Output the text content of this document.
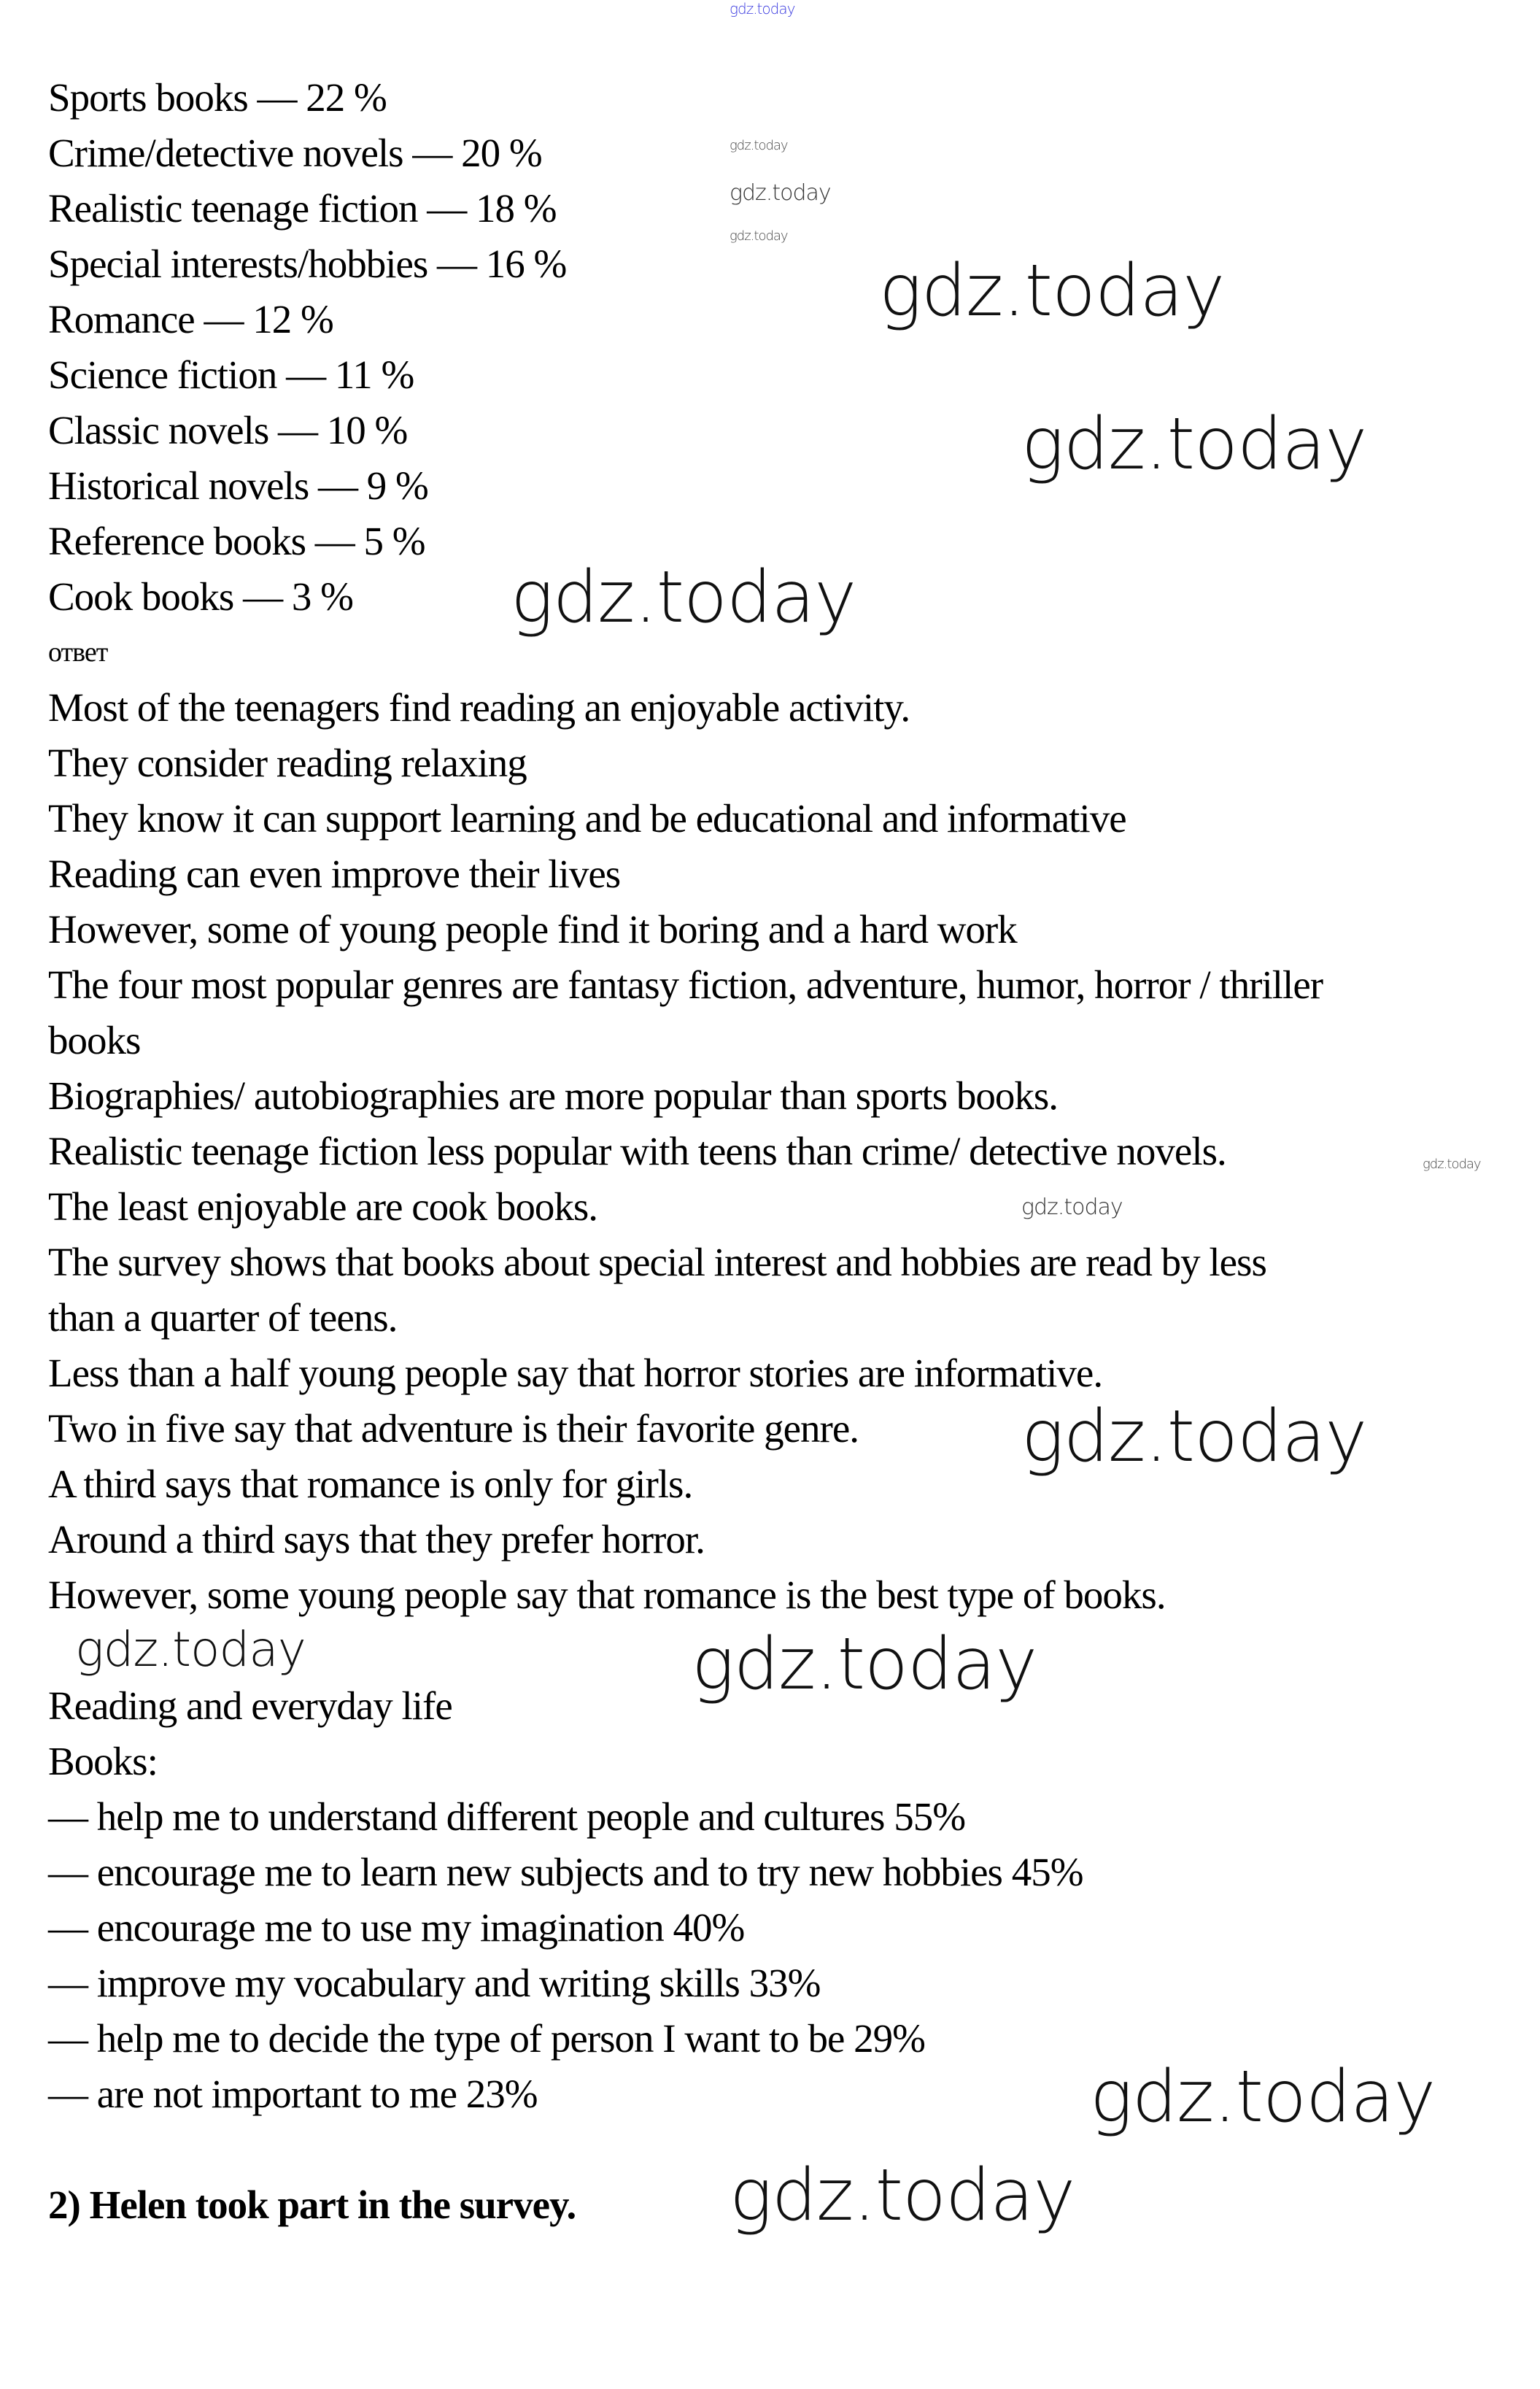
Sports books — 22 %
Crime/detective novels — 20 %
Realistic teenage fiction — 18 %
Special interests/hobbies — 16 %
Romance — 12 %
Science fiction — 11 %
Classic novels — 10 %
Historical novels — 9 %
Reference books — 5 %
Cook books — 3 %
ответ
Most of the teenagers find reading an enjoyable activity.
They consider reading relaxing
They know it can support learning and be educational and informative
Reading can even improve their lives
However, some of young people find it boring and a hard work
The four most popular genres are fantasy fiction, adventure, humor, horror / thriller
books
Biographies/ autobiographies are more popular than sports books.
Realistic teenage fiction less popular with teens than crime/ detective novels.
The least enjoyable are cook books.
The survey shows that books about special interest and hobbies are read by less
than a quarter of teens.
Less than a half young people say that horror stories are informative.
Two in five say that adventure is their favorite genre.
A third says that romance is only for girls.
Around a third says that they prefer horror.
However, some young people say that romance is the best type of books.
Reading and everyday life
Books:
— help me to understand different people and cultures 55%
— encourage me to learn new subjects and to try new hobbies 45%
— encourage me to use my imagination 40%
— improve my vocabulary and writing skills 33%
— help me to decide the type of person I want to be 29%
— are not important to me 23%
2) Helen took part in the survey.
gdz.today
gdz.today
gdz.today
gdz.today
gdz.today
gdz.today
gdz.today
gdz.today
gdz.today
gdz.today
gdz.today
gdz.today
gdz.today
gdz.today
